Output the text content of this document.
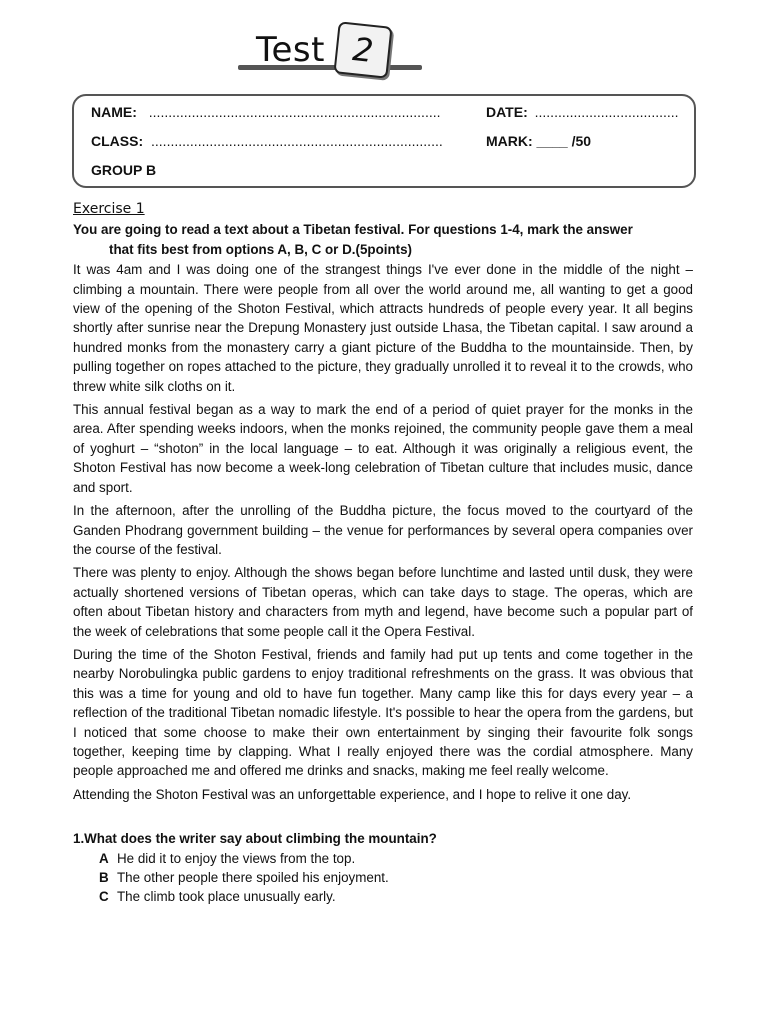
Test 2
NAME: ...........................................................................	DATE: .....................................
CLASS: ...........................................................................	MARK: ____ /50
GROUP B
Exercise 1
You are going to read a text about a Tibetan festival. For questions 1-4, mark the answer
that fits best from options A, B, C or D.(5points)

It was 4am and I was doing one of the strangest things I've ever done in the middle of the night – climbing a mountain. There were people from all over the world around me, all wanting to get a good view of the opening of the Shoton Festival, which attracts hundreds of people every year. It all begins shortly after sunrise near the Drepung Monastery just outside Lhasa, the Tibetan capital. I saw around a hundred monks from the monastery carry a giant picture of the Buddha to the mountainside. Then, by pulling together on ropes attached to the picture, they gradually unrolled it to reveal it to the crowds, who threw white silk cloths on it.

This annual festival began as a way to mark the end of a period of quiet prayer for the monks in the area. After spending weeks indoors, when the monks rejoined, the community people gave them a meal of yoghurt – “shoton” in the local language – to eat. Although it was originally a religious event, the Shoton Festival has now become a week-long celebration of Tibetan culture that includes music, dance and sport.

In the afternoon, after the unrolling of the Buddha picture, the focus moved to the courtyard of the Ganden Phodrang government building – the venue for performances by several opera companies over the course of the festival.

There was plenty to enjoy. Although the shows began before lunchtime and lasted until dusk, they were actually shortened versions of Tibetan operas, which can take days to stage. The operas, which are often about Tibetan history and characters from myth and legend, have become such a popular part of the week of celebrations that some people call it the Opera Festival.

During the time of the Shoton Festival, friends and family had put up tents and come together in the nearby Norobulingka public gardens to enjoy traditional refreshments on the grass. It was obvious that this was a time for young and old to have fun together. Many camp like this for days every year – a reflection of the traditional Tibetan nomadic lifestyle. It's possible to hear the opera from the gardens, but I noticed that some choose to make their own entertainment by singing their favourite folk songs together, keeping time by clapping. What I really enjoyed there was the cordial atmosphere. Many people approached me and offered me drinks and snacks, making me feel really welcome.

Attending the Shoton Festival was an unforgettable experience, and I hope to relive it one day.

1.What does the writer say about climbing the mountain?
A He did it to enjoy the views from the top.
B The other people there spoiled his enjoyment.
C The climb took place unusually early.
